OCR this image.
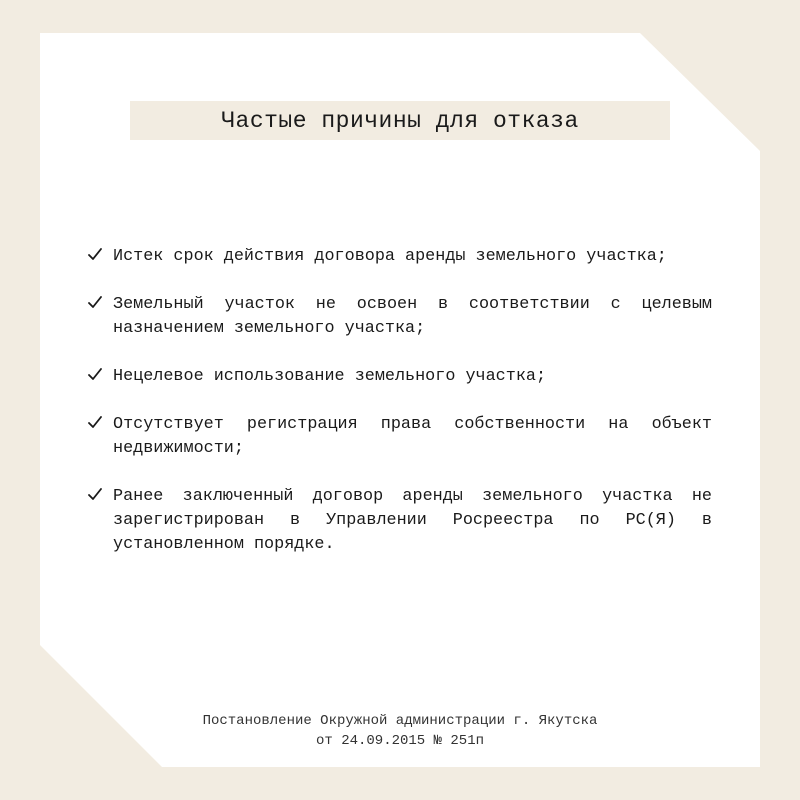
Частые причины для отказа
Истек срок действия договора аренды земельного участка;
Земельный участок не освоен в соответствии с целевым назначением земельного участка;
Нецелевое использование земельного участка;
Отсутствует регистрация права собственности на объект недвижимости;
Ранее заключенный договор аренды земельного участка не зарегистрирован в Управлении Росреестра по РС(Я) в установленном порядке.
Постановление Окружной администрации г. Якутска
от 24.09.2015 № 251п
